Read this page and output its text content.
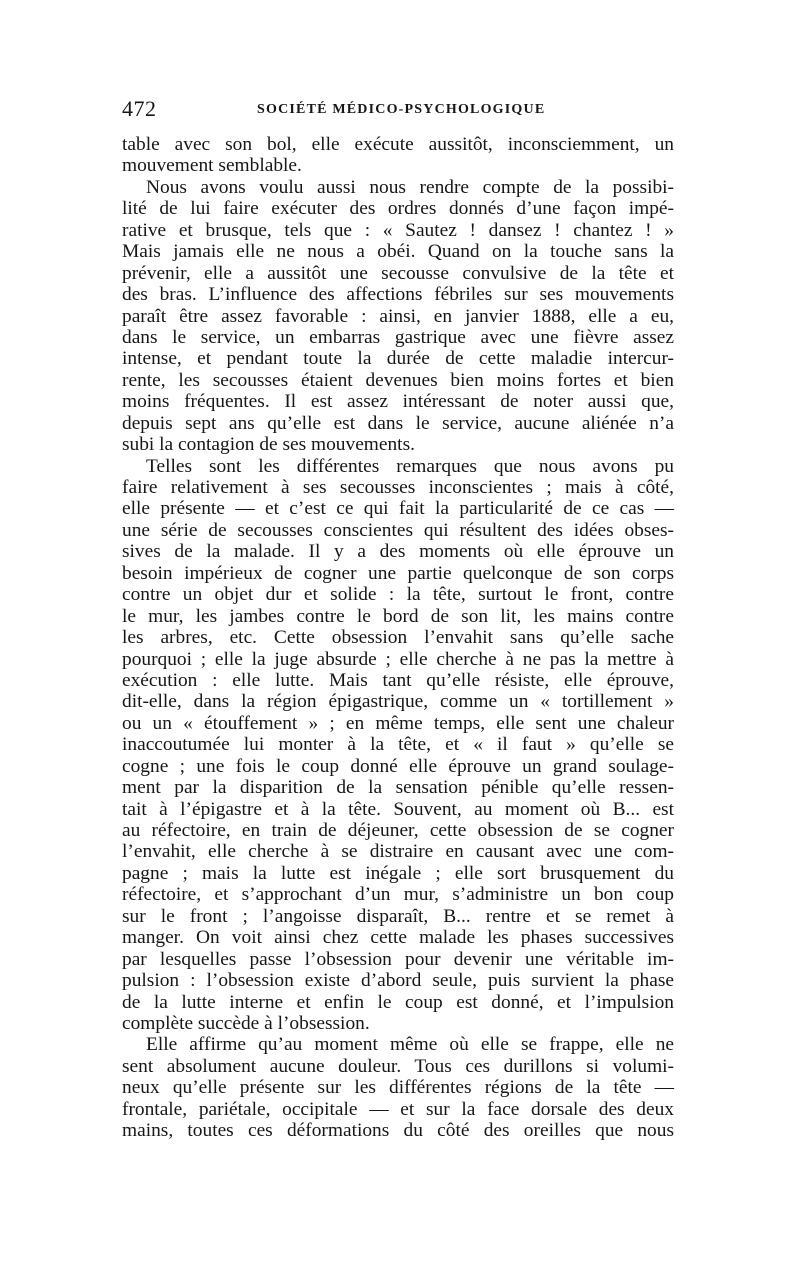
472	SOCIÉTÉ MÉDICO-PSYCHOLOGIQUE
table avec son bol, elle exécute aussitôt, inconsciemment, un
mouvement semblable.
Nous avons voulu aussi nous rendre compte de la possibi-
lité de lui faire exécuter des ordres donnés d’une façon impé-
rative et brusque, tels que : « Sautez ! dansez ! chantez ! »
Mais jamais elle ne nous a obéi. Quand on la touche sans la
prévenir, elle a aussitôt une secousse convulsive de la tête et
des bras. L’influence des affections fébriles sur ses mouvements
paraît être assez favorable : ainsi, en janvier 1888, elle a eu,
dans le service, un embarras gastrique avec une fièvre assez
intense, et pendant toute la durée de cette maladie intercur-
rente, les secousses étaient devenues bien moins fortes et bien
moins fréquentes. Il est assez intéressant de noter aussi que,
depuis sept ans qu’elle est dans le service, aucune aliénée n’a
subi la contagion de ses mouvements.
Telles sont les différentes remarques que nous avons pu
faire relativement à ses secousses inconscientes ; mais à côté,
elle présente — et c’est ce qui fait la particularité de ce cas —
une série de secousses conscientes qui résultent des idées obses-
sives de la malade. Il y a des moments où elle éprouve un
besoin impérieux de cogner une partie quelconque de son corps
contre un objet dur et solide : la tête, surtout le front, contre
le mur, les jambes contre le bord de son lit, les mains contre
les arbres, etc. Cette obsession l’envahit sans qu’elle sache
pourquoi ; elle la juge absurde ; elle cherche à ne pas la mettre à
exécution : elle lutte. Mais tant qu’elle résiste, elle éprouve,
dit-elle, dans la région épigastrique, comme un « tortillement »
ou un « étouffement » ; en même temps, elle sent une chaleur
inaccoutumée lui monter à la tête, et « il faut » qu’elle se
cogne ; une fois le coup donné elle éprouve un grand soulage-
ment par la disparition de la sensation pénible qu’elle ressen-
tait à l’épigastre et à la tête. Souvent, au moment où B... est
au réfectoire, en train de déjeuner, cette obsession de se cogner
l’envahit, elle cherche à se distraire en causant avec une com-
pagne ; mais la lutte est inégale ; elle sort brusquement du
réfectoire, et s’approchant d’un mur, s’administre un bon coup
sur le front ; l’angoisse disparaît, B... rentre et se remet à
manger. On voit ainsi chez cette malade les phases successives
par lesquelles passe l’obsession pour devenir une véritable im-
pulsion : l’obsession existe d’abord seule, puis survient la phase
de la lutte interne et enfin le coup est donné, et l’impulsion
complète succède à l’obsession.
Elle affirme qu’au moment même où elle se frappe, elle ne
sent absolument aucune douleur. Tous ces durillons si volumi-
neux qu’elle présente sur les différentes régions de la tête —
frontale, pariétale, occipitale — et sur la face dorsale des deux
mains, toutes ces déformations du côté des oreilles que nous
